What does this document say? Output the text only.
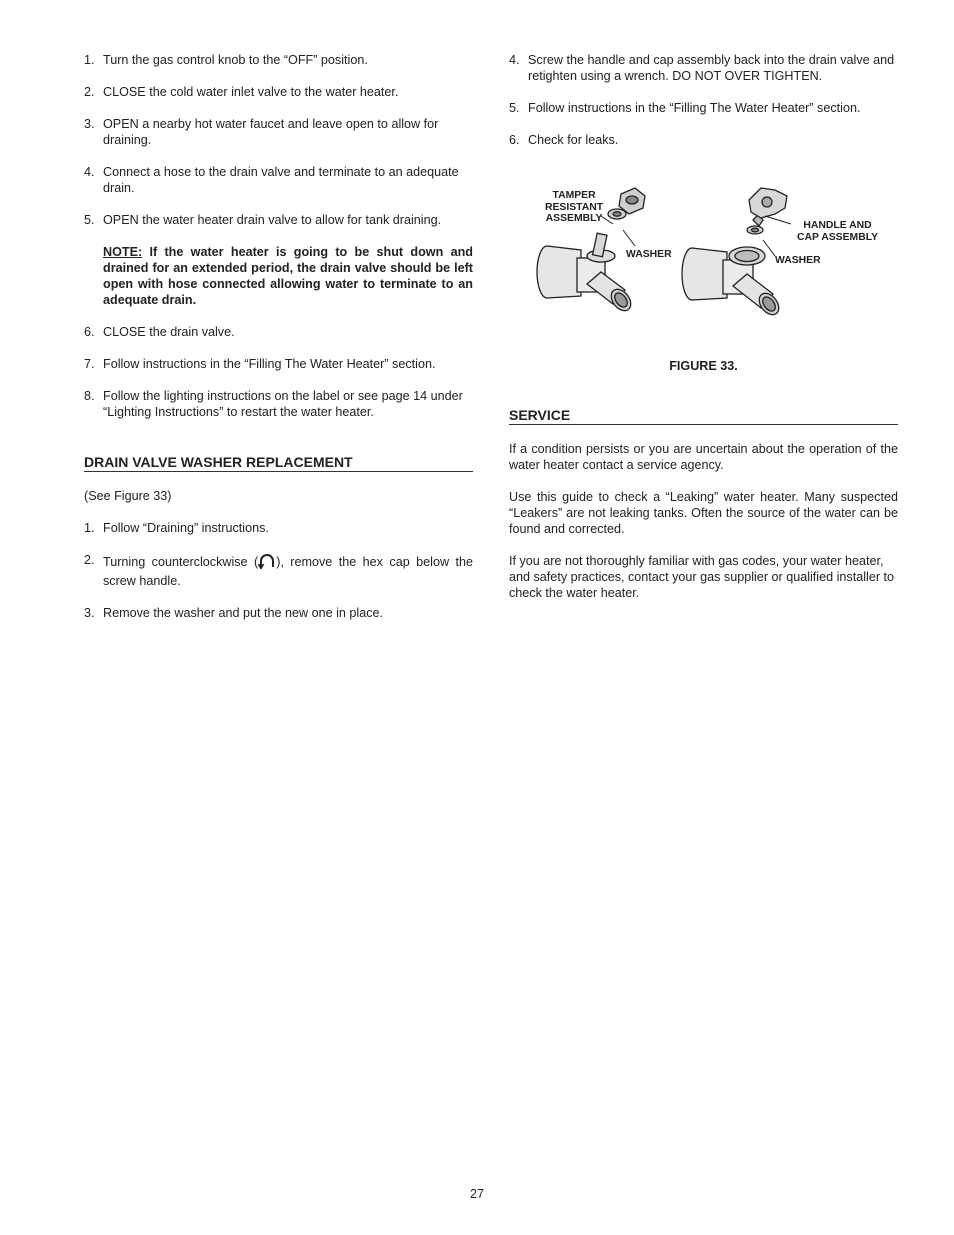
1. Turn the gas control knob to the “OFF” position.
2. CLOSE the cold water inlet valve to the water heater.
3. OPEN a nearby hot water faucet and leave open to allow for draining.
4. Connect a hose to the drain valve and terminate to an adequate drain.
5. OPEN the water heater drain valve to allow for tank draining.

NOTE: If the water heater is going to be shut down and drained for an extended period, the drain valve should be left open with hose connected allowing water to terminate to an adequate drain.

6. CLOSE the drain valve.
7. Follow instructions in the “Filling The Water Heater” section.
8. Follow the lighting instructions on the label or see page 14 under “Lighting Instructions” to restart the water heater.
DRAIN VALVE WASHER REPLACEMENT

(See Figure 33)

1. Follow “Draining” instructions.
2. Turning counterclockwise ( ), remove the hex cap below the screw handle.
3. Remove the washer and put the new one in place.
4. Screw the handle and cap assembly back into the drain valve and retighten using a wrench. DO NOT OVER TIGHTEN.
5. Follow instructions in the “Filling The Water Heater” section.
6. Check for leaks.
TAMPER
RESISTANT
ASSEMBLY
WASHER
HANDLE AND
CAP ASSEMBLY
WASHER

FIGURE 33.

SERVICE

If a condition persists or you are uncertain about the operation of the water heater contact a service agency.

Use this guide to check a “Leaking” water heater. Many suspected “Leakers” are not leaking tanks. Often the source of the water can be found and corrected.

If you are not thoroughly familiar with gas codes, your water heater, and safety practices, contact your gas supplier or qualified installer to check the water heater.

27
